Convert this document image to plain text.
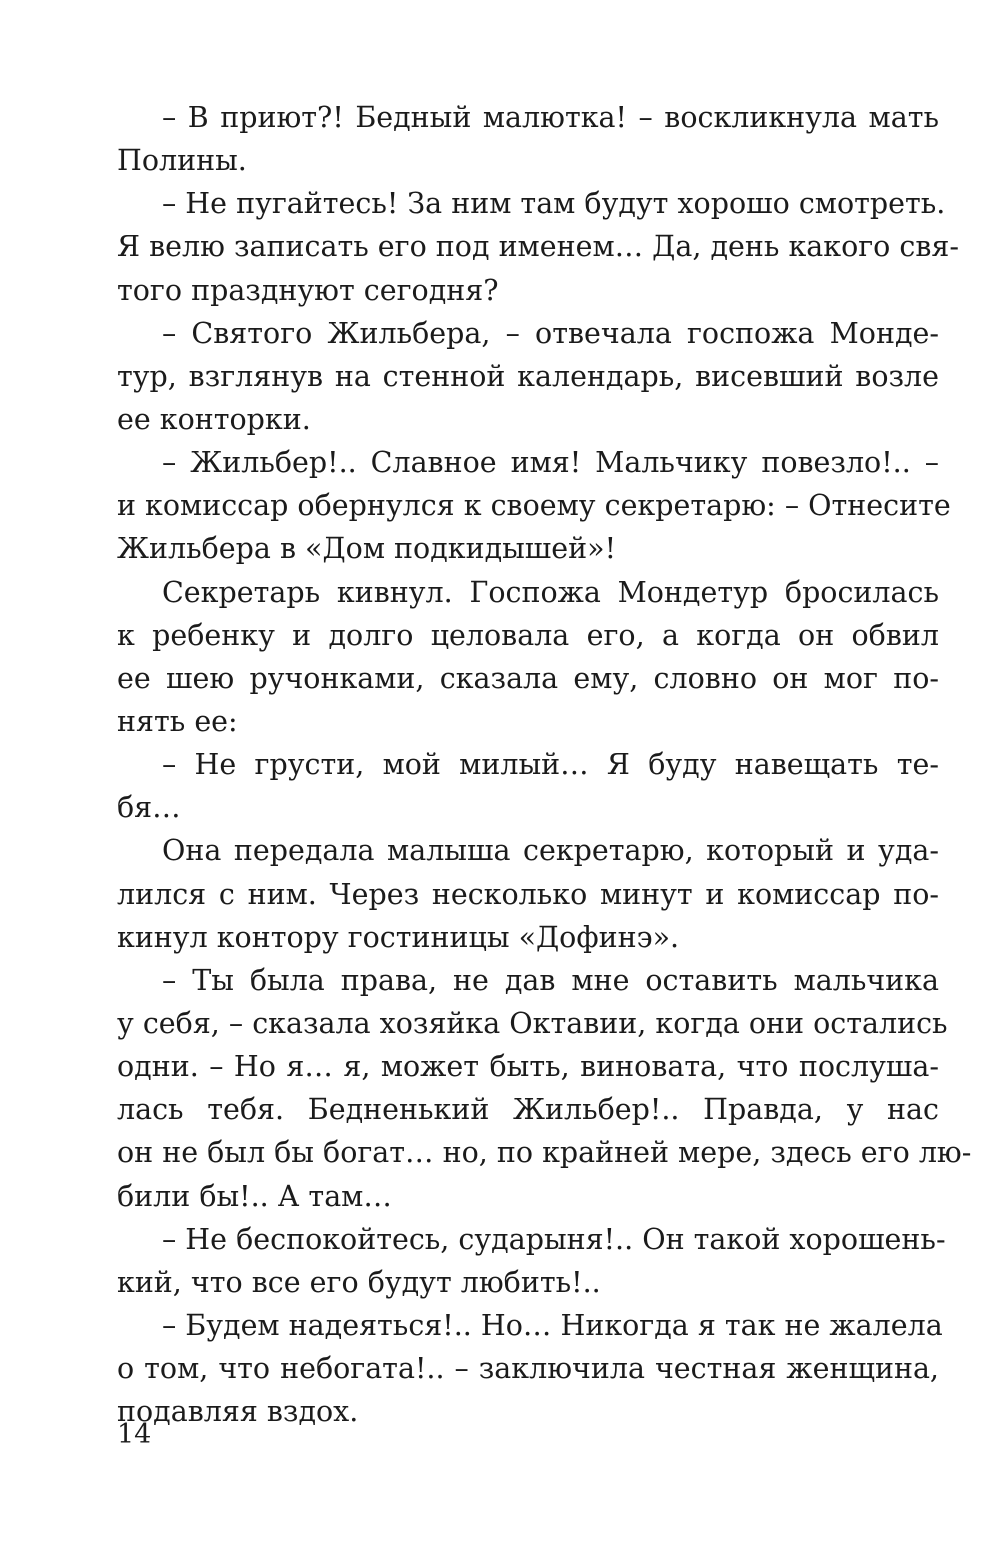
– В приют?! Бедный малютка! – воскликнула мать
Полины.
– Не пугайтесь! За ним там будут хорошо смотреть.
Я велю записать его под именем… Да, день какого свя-
того празднуют сегодня?
– Святого Жильбера, – отвечала госпожа Монде-
тур, взглянув на стенной календарь, висевший возле
ее конторки.
– Жильбер!.. Славное имя! Мальчику повезло!.. –
и комиссар обернулся к своему секретарю: – Отнесите
Жильбера в «Дом подкидышей»!
Секретарь кивнул. Госпожа Мондетур бросилась
к ребенку и долго целовала его, а когда он обвил
ее шею ручонками, сказала ему, словно он мог по-
нять ее:
– Не грусти, мой милый… Я буду навещать те-
бя…
Она передала малыша секретарю, который и уда-
лился с ним. Через несколько минут и комиссар по-
кинул контору гостиницы «Дофинэ».
– Ты была права, не дав мне оставить мальчика
у себя, – сказала хозяйка Октавии, когда они остались
одни. – Но я… я, может быть, виновата, что послуша-
лась тебя. Бедненький Жильбер!.. Правда, у нас
он не был бы богат… но, по крайней мере, здесь его лю-
били бы!.. А там…
– Не беспокойтесь, сударыня!.. Он такой хорошень-
кий, что все его будут любить!..
– Будем надеяться!.. Но… Никогда я так не жалела
о том, что небогата!.. – заключила честная женщина,
подавляя вздох.
14
